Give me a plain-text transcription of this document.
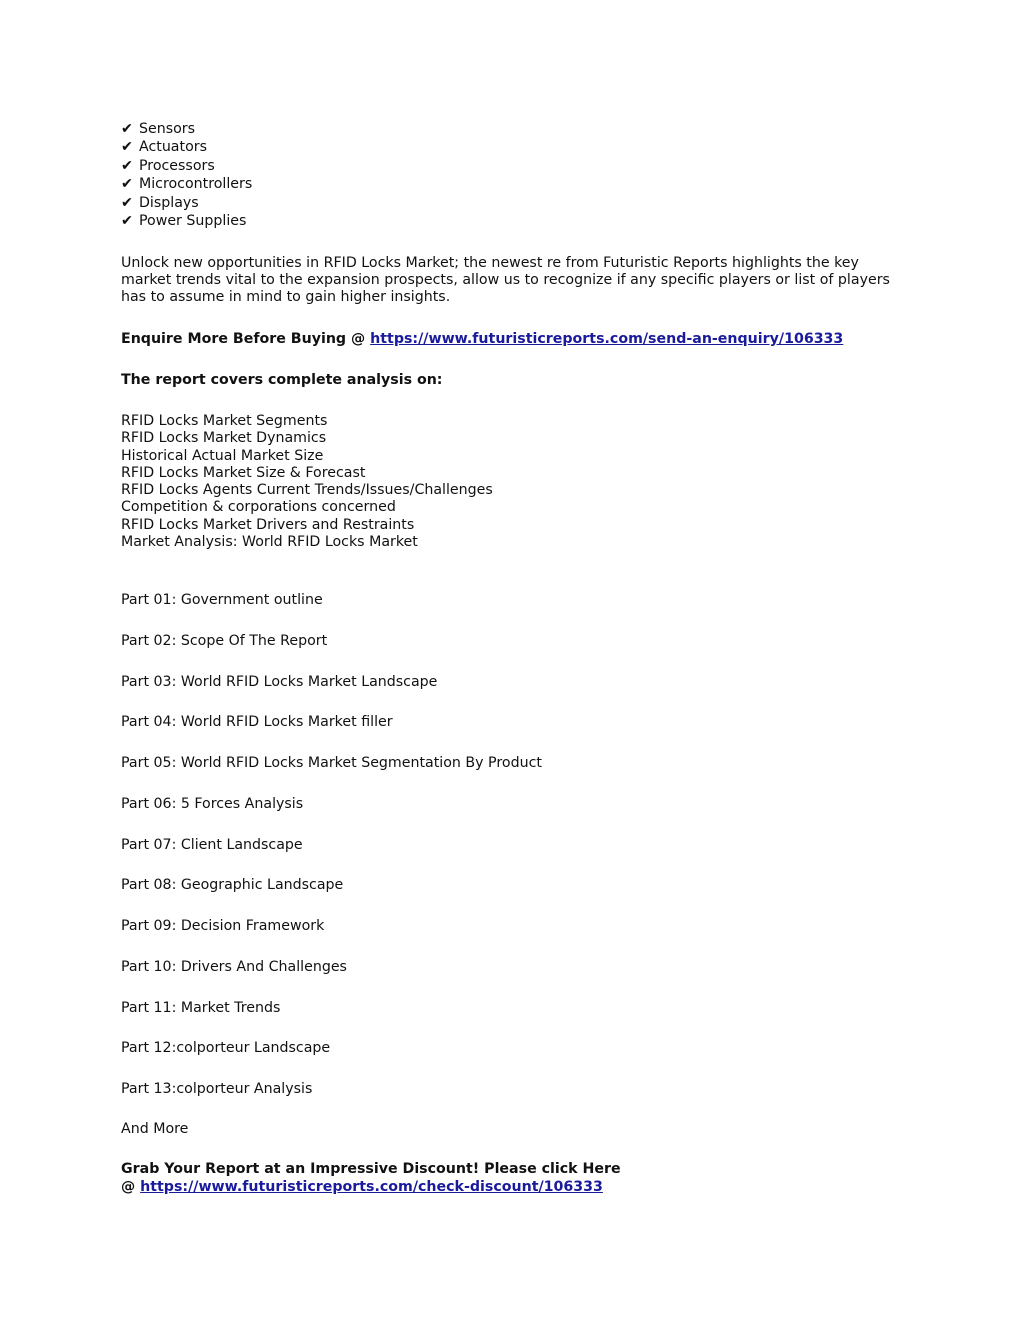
✔ Sensors
✔ Actuators
✔ Processors
✔ Microcontrollers
✔ Displays
✔ Power Supplies

Unlock new opportunities in RFID Locks Market; the newest re from Futuristic Reports highlights the key market trends vital to the expansion prospects, allow us to recognize if any specific players or list of players has to assume in mind to gain higher insights.

Enquire More Before Buying @ https://www.futuristicreports.com/send-an-enquiry/106333

The report covers complete analysis on:

RFID Locks Market Segments
RFID Locks Market Dynamics
Historical Actual Market Size
RFID Locks Market Size & Forecast
RFID Locks Agents Current Trends/Issues/Challenges
Competition & corporations concerned
RFID Locks Market Drivers and Restraints
Market Analysis: World RFID Locks Market
Part 01: Government outline
Part 02: Scope Of The Report
Part 03: World RFID Locks Market Landscape
Part 04: World RFID Locks Market filler
Part 05: World RFID Locks Market Segmentation By Product
Part 06: 5 Forces Analysis
Part 07: Client Landscape
Part 08: Geographic Landscape
Part 09: Decision Framework
Part 10: Drivers And Challenges
Part 11: Market Trends
Part 12:colporteur Landscape
Part 13:colporteur Analysis

And More

Grab Your Report at an Impressive Discount! Please click Here
@ https://www.futuristicreports.com/check-discount/106333
